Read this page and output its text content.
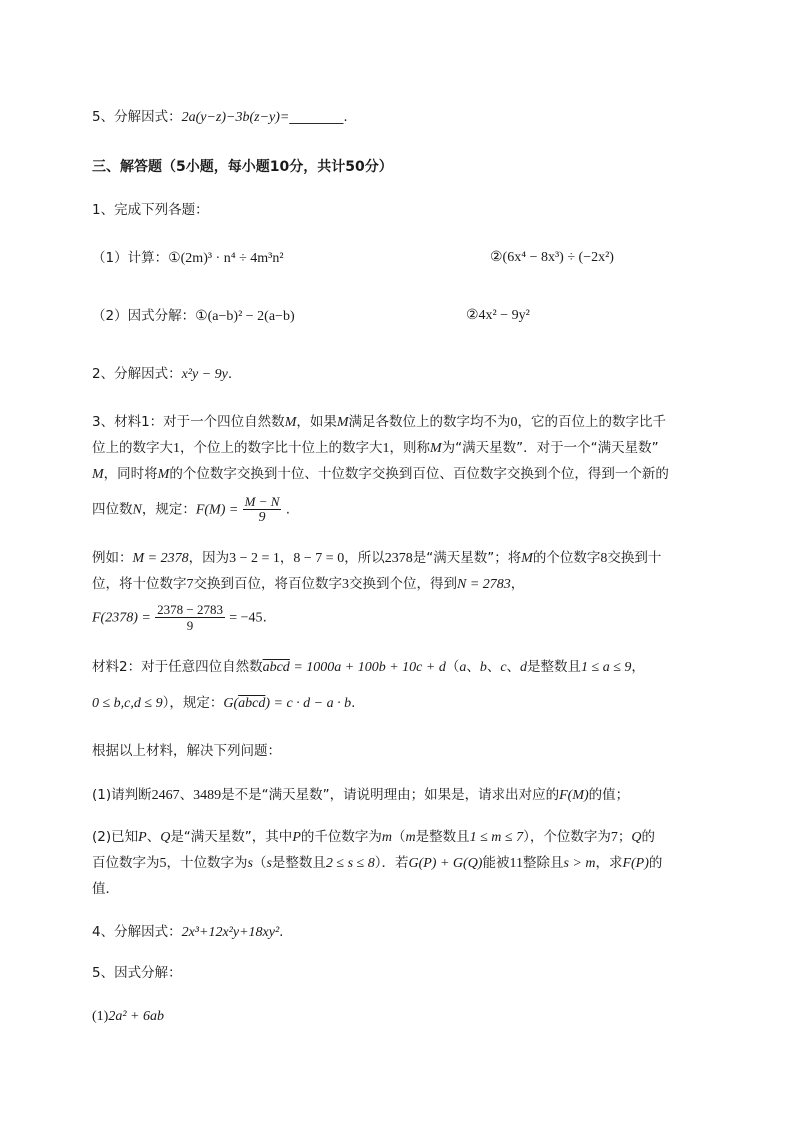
5、分解因式：2a(y−z)−3b(z−y)=________.
三、解答题（5小题，每小题10分，共计50分）
1、完成下列各题：
（1）计算：①(2m)³ · n⁴ ÷ 4m³n²	②(6x⁴ − 8x³) ÷ (−2x²)
（2）因式分解：①(a−b)² − 2(a−b)	②4x² − 9y²
2、分解因式：x²y − 9y.
3、材料1：对于一个四位自然数M，如果M满足各数位上的数字均不为0，它的百位上的数字比千
位上的数字大1，个位上的数字比十位上的数字大1，则称M为“满天星数”．对于一个“满天星数”
M，同时将M的个位数字交换到十位、十位数字交换到百位、百位数字交换到个位，得到一个新的
四位数N，规定：$F(M) = \frac{M - N}{9}$ .
例如：M = 2378，因为3 − 2 = 1，8 − 7 = 0，所以2378是“满天星数”；将M的个位数字8交换到十
位，将十位数字7交换到百位，将百位数字3交换到个位，得到N = 2783，
$F(2378) = \frac{2378 - 2783}{9} = -45$.
材料2：对于任意四位自然数abcd = 1000a + 100b + 10c + d（a、b、c、d是整数且1 ≤ a ≤ 9，
0 ≤ b,c,d ≤ 9），规定：G(abcd) = c · d − a · b.
根据以上材料，解决下列问题：
(1)请判断2467、3489是不是“满天星数”，请说明理由；如果是，请求出对应的F(M)的值；
(2)已知P、Q是“满天星数”，其中P的千位数字为m（m是整数且1 ≤ m ≤ 7），个位数字为7；Q的
百位数字为5，十位数字为s（s是整数且2 ≤ s ≤ 8）．若G(P) + G(Q)能被11整除且s > m，求F(P)的
值．
4、分解因式：2x³+12x²y+18xy².
5、因式分解：
(1)2a² + 6ab
